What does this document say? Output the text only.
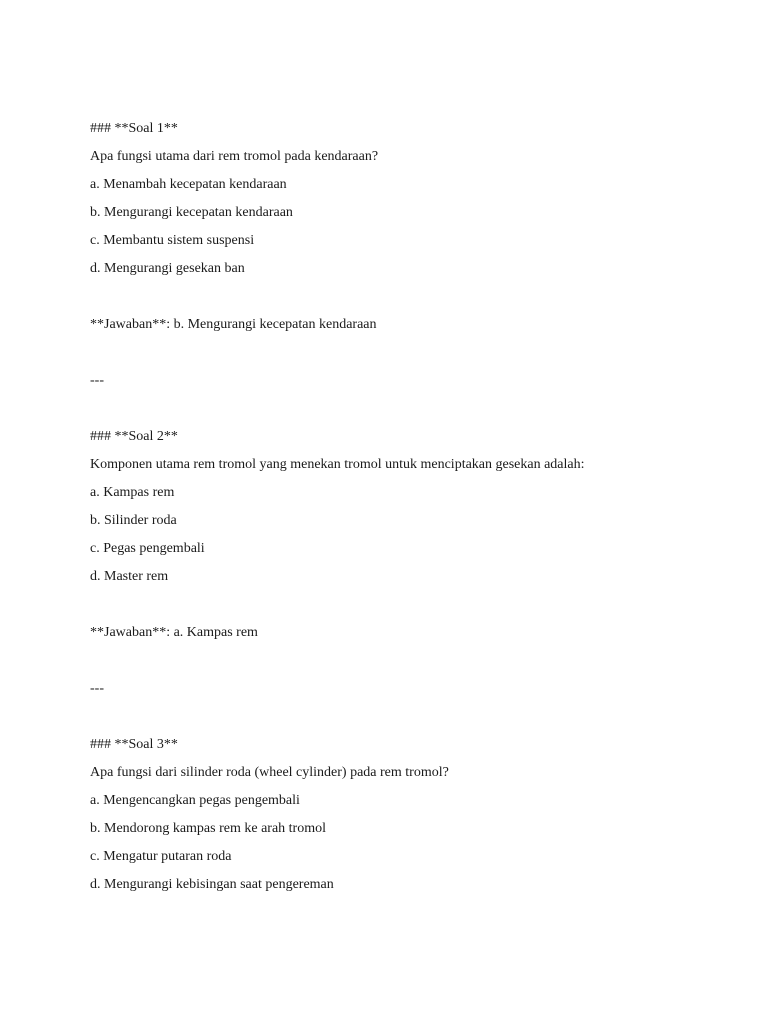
### **Soal 1**
Apa fungsi utama dari rem tromol pada kendaraan?
a. Menambah kecepatan kendaraan
b. Mengurangi kecepatan kendaraan
c. Membantu sistem suspensi
d. Mengurangi gesekan ban
**Jawaban**: b. Mengurangi kecepatan kendaraan
---
### **Soal 2**
Komponen utama rem tromol yang menekan tromol untuk menciptakan gesekan adalah:
a. Kampas rem
b. Silinder roda
c. Pegas pengembali
d. Master rem
**Jawaban**: a. Kampas rem
---
### **Soal 3**
Apa fungsi dari silinder roda (wheel cylinder) pada rem tromol?
a. Mengencangkan pegas pengembali
b. Mendorong kampas rem ke arah tromol
c. Mengatur putaran roda
d. Mengurangi kebisingan saat pengereman
